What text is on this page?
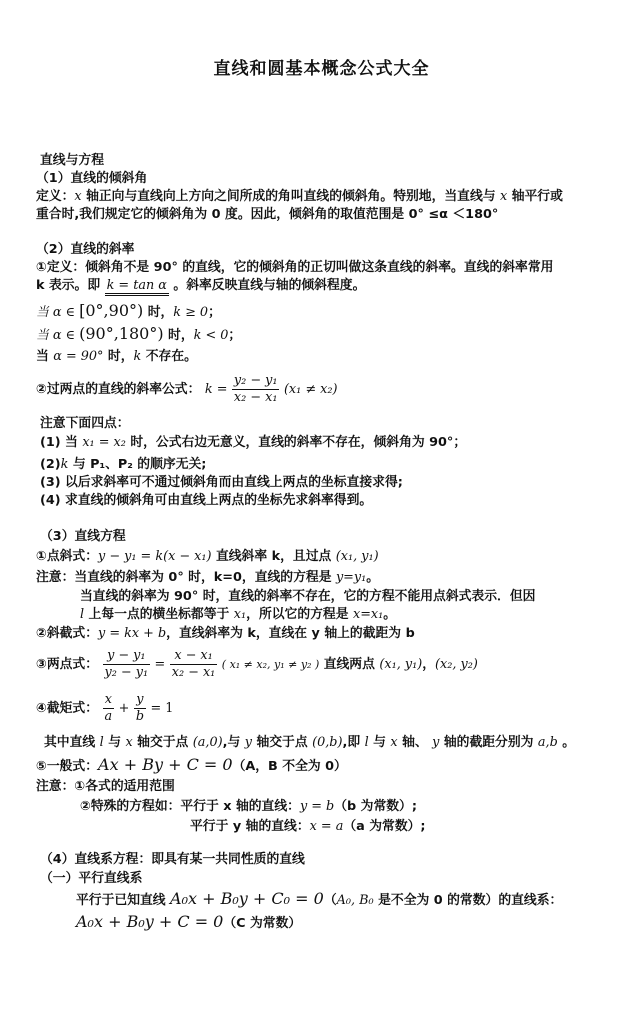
直线和圆基本概念公式大全
直线与方程
（1）直线的倾斜角
定义：x 轴正向与直线向上方向之间所成的角叫直线的倾斜角。特别地，当直线与 x 轴平行或
重合时,我们规定它的倾斜角为 0 度。因此，倾斜角的取值范围是 0° ≤α ＜180°
（2）直线的斜率
①定义：倾斜角不是 90° 的直线，它的倾斜角的正切叫做这条直线的斜率。直线的斜率常用
k 表示。即 k = tan α 。斜率反映直线与轴的倾斜程度。
当 α ∈ [0°,90°) 时，k ≥ 0；
当 α ∈ (90°,180°) 时，k < 0；
当 α = 90° 时，k 不存在。
②过两点的直线的斜率公式： $k = \frac{\text{y₂ − y₁}}{\text{x₂ − x₁}} (x_1 \ne x_2)$
注意下面四点：
(1) 当 x₁ = x₂ 时，公式右边无意义，直线的斜率不存在，倾斜角为 90°；
(2)k 与 P₁、P₂ 的顺序无关;
(3) 以后求斜率可不通过倾斜角而由直线上两点的坐标直接求得;
(4) 求直线的倾斜角可由直线上两点的坐标先求斜率得到。
（3）直线方程
①点斜式：y − y₁ = k(x − x₁) 直线斜率 k，且过点 (x₁, y₁)
注意：当直线的斜率为 0° 时，k=0，直线的方程是 y=y₁。
当直线的斜率为 90° 时，直线的斜率不存在，它的方程不能用点斜式表示．但因
l 上每一点的横坐标都等于 x₁，所以它的方程是 x=x₁。
②斜截式：y = kx + b，直线斜率为 k，直线在 y 轴上的截距为 b
③两点式： $\frac{\text{y − y₁}}{\text{y₂ − y₁}} = \frac{\text{x − x₁}}{\text{x₂ − x₁}}$ ( x₁ ≠ x₂, y₁ ≠ y₂ ) 直线两点 (x₁, y₁)，(x₂, y₂)
④截矩式： $\frac{x}{a} + \frac{y}{b} = 1$
其中直线 l 与 x 轴交于点 (a,0),与 y 轴交于点 (0,b),即 l 与 x 轴、 y 轴的截距分别为 a,b 。
⑤一般式：Ax + By + C = 0（A，B 不全为 0）
注意：①各式的适用范围
②特殊的方程如：平行于 x 轴的直线：y = b（b 为常数）;
平行于 y 轴的直线：x = a（a 为常数）;
（4）直线系方程：即具有某一共同性质的直线
（一）平行直线系
平行于已知直线 A₀x + B₀y + C₀ = 0（A₀, B₀ 是不全为 0 的常数）的直线系：
A₀x + B₀y + C = 0（C 为常数）
